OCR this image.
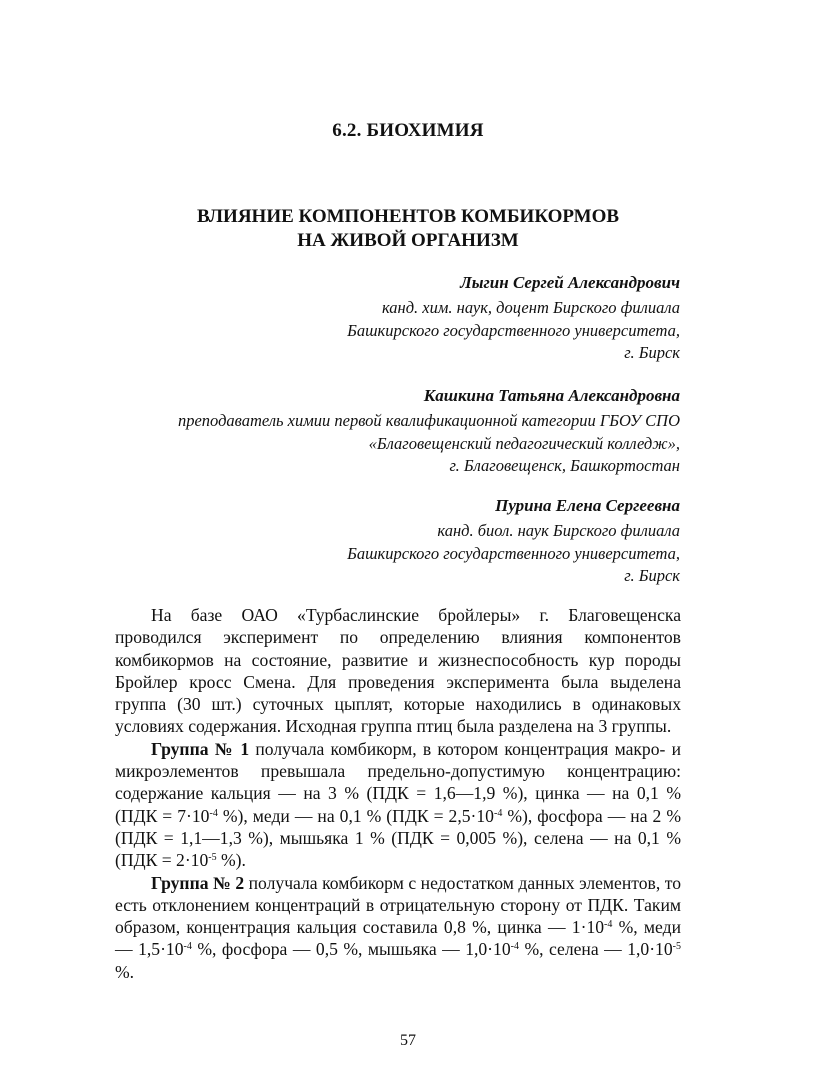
6.2. БИОХИМИЯ
ВЛИЯНИЕ КОМПОНЕНТОВ КОМБИКОРМОВ
НА ЖИВОЙ ОРГАНИЗМ
Лыгин Сергей Александрович
канд. хим. наук, доцент Бирского филиала
Башкирского государственного университета,
г. Бирск
Кашкина Татьяна Александровна
преподаватель химии первой квалификационной категории ГБОУ СПО
«Благовещенский педагогический колледж»,
г. Благовещенск, Башкортостан
Пурина Елена Сергеевна
канд. биол. наук Бирского филиала
Башкирского государственного университета,
г. Бирск

На базе ОАО «Турбаслинские бройлеры» г. Благовещенска проводился эксперимент по определению влияния компонентов комбикормов на состояние, развитие и жизнеспособность кур породы Бройлер кросс Смена. Для проведения эксперимента была выделена группа (30 шт.) суточных цыплят, которые находились в одинаковых условиях содержания. Исходная группа птиц была разделена на 3 группы.

Группа № 1 получала комбикорм, в котором концентрация макро- и микроэлементов превышала предельно-допустимую концентрацию: содержание кальция — на 3 % (ПДК = 1,6—1,9 %), цинка — на 0,1 % ($ПДК = 7\cdot 10^{-4}$ %), меди — на 0,1 % ($ПДК = 2,5\cdot 10^{-4}$ %), фосфора — на 2 % (ПДК = 1,1—1,3 %), мышьяка 1 % (ПДК = 0,005 %), селена — на 0,1 % ($ПДК = 2\cdot 10^{-5}$ %).

Группа № 2 получала комбикорм с недостатком данных элементов, то есть отклонением концентраций в отрицательную сторону от ПДК. Таким образом, концентрация кальция составила 0,8 %, цинка — $1\cdot 10^{-4}$ %, меди — $1,5\cdot 10^{-4}$ %, фосфора — 0,5 %, мышьяка — $1,0\cdot 10^{-4}$ %, селена — $1,0\cdot 10^{-5}$ %.

57
